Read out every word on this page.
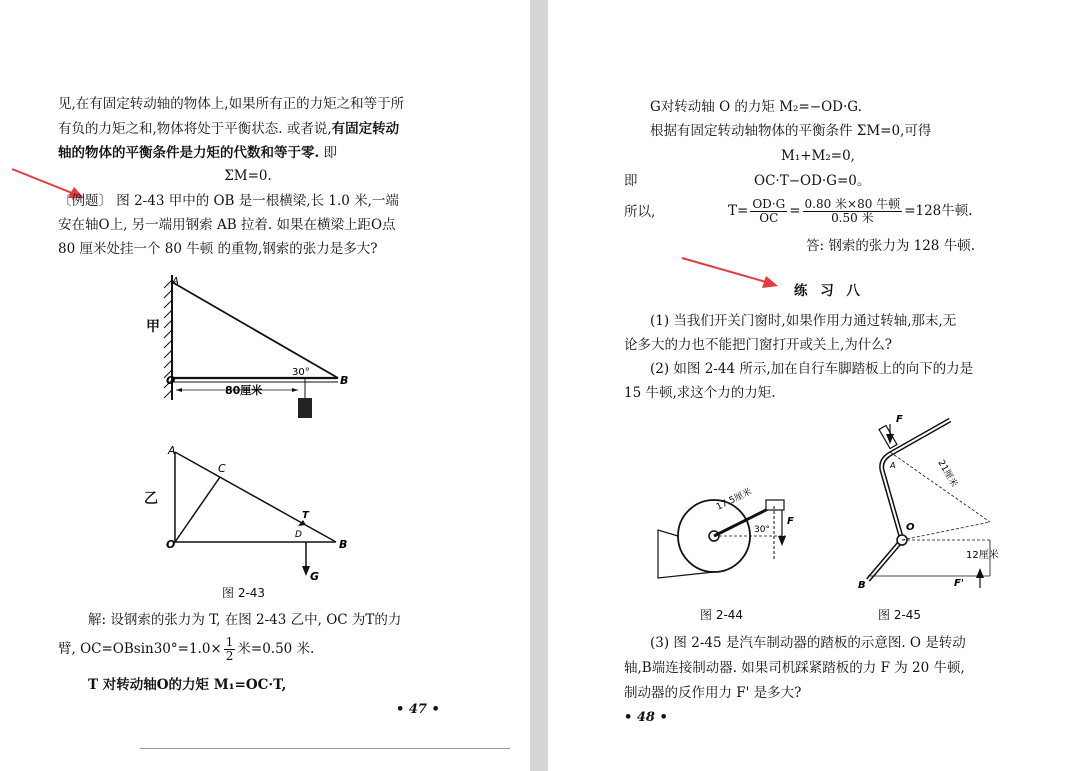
见,在有固定转动轴的物体上,如果所有正的力矩之和等于所
有负的力矩之和,物体将处于平衡状态. 或者说,有固定转动
轴的物体的平衡条件是力矩的代数和等于零. 即
ΣM=0.
〔例题〕 图 2-43 甲中的 OB 是一根横梁,长 1.0 米,一端
安在轴O上, 另一端用钢索 AB 拉着. 如果在横梁上距O点
80 厘米处挂一个 80 牛顿 的重物,钢索的张力是多大?
A
O	B
30°
80厘米
甲
A
C
O
D
T
B
G
乙
图 2-43
解: 设钢索的张力为 T, 在图 2-43 乙中, OC 为T的力
臂, $OC=OBsin30^\circ=1.0\times \frac{1}{2}$ 米=0.50 米.
T 对转动轴O的力矩 M₁=OC·T,
• 47 •
G对转动轴 O 的力矩 M₂=−OD·G.
根据有固定转动轴物体的平衡条件 ΣM=0,可得
M₁+M₂=0,
即	OC·T−OD·G=0。
所以,	$T= \frac{OD\cdot G}{OC} = \frac{\text{0.80 米×80 牛顿}}{\text{0.50 米}} =128$牛顿.
答: 钢索的张力为 128 牛顿.
练 习 八
(1) 当我们开关门窗时,如果作用力通过转轴,那末,无
论多大的力也不能把门窗打开或关上,为什么?
(2) 如图 2-44 所示,加在自行车脚踏板上的向下的力是
15 牛顿,求这个力的力矩.
17.5厘米
30°
F
F
A	21厘米
O
12厘米
B	F'
图 2-44	图 2-45
(3) 图 2-45 是汽车制动器的踏板的示意图. O 是转动
轴,B端连接制动器. 如果司机踩紧踏板的力 F 为 20 牛顿,
制动器的反作用力 F' 是多大?
• 48 •
